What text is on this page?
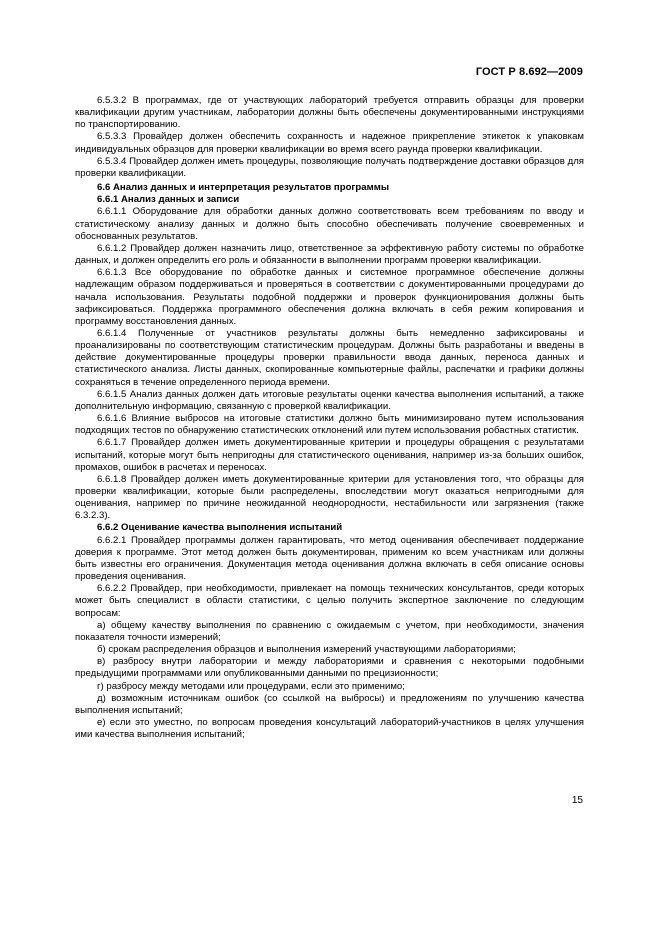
ГОСТ Р 8.692—2009

6.5.3.2 В программах, где от участвующих лабораторий требуется отправить образцы для проверки квалификации другим участникам, лаборатории должны быть обеспечены документированными инструкциями по транспортированию.

6.5.3.3 Провайдер должен обеспечить сохранность и надежное прикрепление этикеток к упаковкам индивидуальных образцов для проверки квалификации во время всего раунда проверки квалификации.

6.5.3.4 Провайдер должен иметь процедуры, позволяющие получать подтверждение доставки образцов для проверки квалификации.

6.6 Анализ данных и интерпретация результатов программы

6.6.1 Анализ данных и записи

6.6.1.1 Оборудование для обработки данных должно соответствовать всем требованиям по вводу и статистическому анализу данных и должно быть способно обеспечивать получение своевременных и обоснованных результатов.

6.6.1.2 Провайдер должен назначить лицо, ответственное за эффективную работу системы по обработке данных, и должен определить его роль и обязанности в выполнении программ проверки квалификации.

6.6.1.3 Все оборудование по обработке данных и системное программное обеспечение должны надлежащим образом поддерживаться и проверяться в соответствии с документированными процедурами до начала использования. Результаты подобной поддержки и проверок функционирования должны быть зафиксироваться. Поддержка программного обеспечения должна включать в себя режим копирования и программу восстановления данных.

6.6.1.4 Полученные от участников результаты должны быть немедленно зафиксированы и проанализированы по соответствующим статистическим процедурам. Должны быть разработаны и введены в действие документированные процедуры проверки правильности ввода данных, переноса данных и статистического анализа. Листы данных, скопированные компьютерные файлы, распечатки и графики должны сохраняться в течение определенного периода времени.

6.6.1.5 Анализ данных должен дать итоговые результаты оценки качества выполнения испытаний, а также дополнительную информацию, связанную с проверкой квалификации.

6.6.1.6 Влияние выбросов на итоговые статистики должно быть минимизировано путем использования подходящих тестов по обнаружению статистических отклонений или путем использования робастных статистик.

6.6.1.7 Провайдер должен иметь документированные критерии и процедуры обращения с результатами испытаний, которые могут быть непригодны для статистического оценивания, например из-за больших ошибок, промахов, ошибок в расчетах и переносах.

6.6.1.8 Провайдер должен иметь документированные критерии для установления того, что образцы для проверки квалификации, которые были распределены, впоследствии могут оказаться непригодными для оценивания, например по причине неожиданной неоднородности, нестабильности или загрязнения (также 6.3.2.3).

6.6.2 Оценивание качества выполнения испытаний

6.6.2.1 Провайдер программы должен гарантировать, что метод оценивания обеспечивает поддержание доверия к программе. Этот метод должен быть документирован, применим ко всем участникам или должны быть известны его ограничения. Документация метода оценивания должна включать в себя описание основы проведения оценивания.

6.6.2.2 Провайдер, при необходимости, привлекает на помощь технических консультантов, среди которых может быть специалист в области статистики, с целью получить экспертное заключение по следующим вопросам:

а) общему качеству выполнения по сравнению с ожидаемым с учетом, при необходимости, значения показателя точности измерений;

б) срокам распределения образцов и выполнения измерений участвующими лабораториями;

в) разбросу внутри лаборатории и между лабораториями и сравнения с некоторыми подобными предыдущими программами или опубликованными данными по прецизионности;

г) разбросу между методами или процедурами, если это применимо;

д) возможным источникам ошибок (со ссылкой на выбросы) и предложениям по улучшению качества выполнения испытаний;

е) если это уместно, по вопросам проведения консультаций лабораторий-участников в целях улучшения ими качества выполнения испытаний;

15
